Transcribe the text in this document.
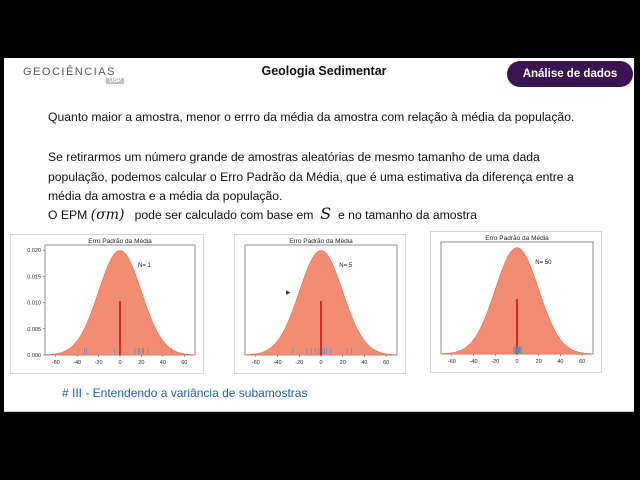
GEOCIÊNCIAS
USP
Geologia Sedimentar	Análise de dados
Quanto maior a amostra, menor o errro da média da amostra com relação à média da população.
Se retirarmos um número grande de amostras aleatórias de mesmo tamanho de uma dada população, podemos calcular o Erro Padrão da Média, que é uma estimativa da diferença entre a média da amostra e a média da população.
O EPM (σm) pode ser calculado com base em S e no tamanho da amostra
Erro Padrão da Média
N= 1
-60 -40 -20	0	20	40	60
0.000
0.005
0.010
0.015
0.020
Erro Padrão da Média
N= 5
-60	-40	-20	0	20	40	60
Erro Padrão da Média
N= 50
-60	-40	-20	0	20	40	60
▸
# III - Entendendo a variância de subamostras
